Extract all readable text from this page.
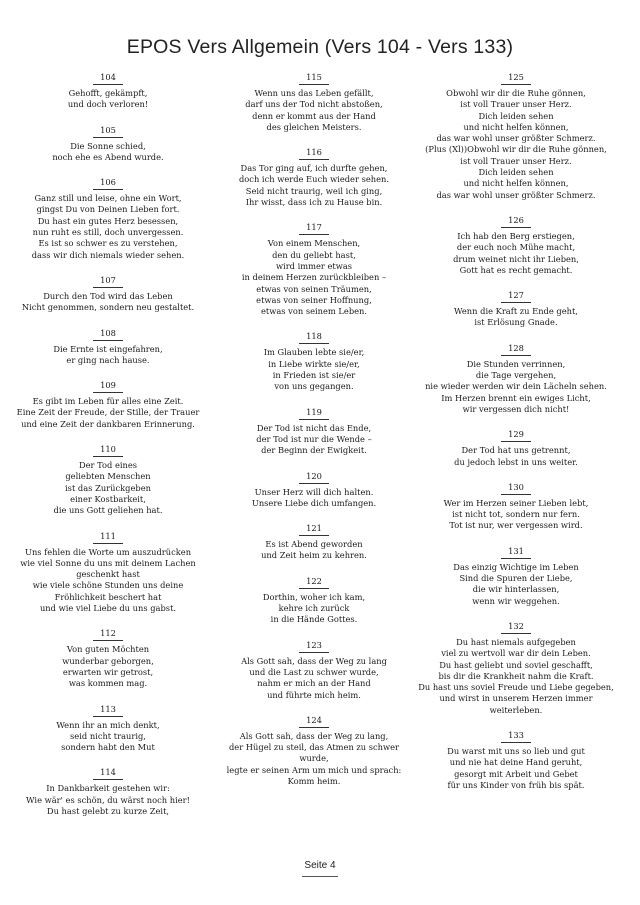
EPOS Vers Allgemein (Vers 104 - Vers 133)
104
Gehofft, gekämpft,
und doch verloren!
105
Die Sonne schied,
noch ehe es Abend wurde.
106
Ganz still und leise, ohne ein Wort,
gingst Du von Deinen Lieben fort.
Du hast ein gutes Herz besessen,
nun ruht es still, doch unvergessen.
Es ist so schwer es zu verstehen,
dass wir dich niemals wieder sehen.
107
Durch den Tod wird das Leben
Nicht genommen, sondern neu gestaltet.
108
Die Ernte ist eingefahren,
er ging nach hause.
109
Es gibt im Leben für alles eine Zeit.
Eine Zeit der Freude, der Stille, der Trauer
und eine Zeit der dankbaren Erinnerung.
110
Der Tod eines
geliebten Menschen
ist das Zurückgeben
einer Kostbarkeit,
die uns Gott geliehen hat.
111
Uns fehlen die Worte um auszudrücken
wie viel Sonne du uns mit deinem Lachen
geschenkt hast
wie viele schöne Stunden uns deine
Fröhlichkeit beschert hat
und wie viel Liebe du uns gabst.
112
Von guten Möchten
wunderbar geborgen,
erwarten wir getrost,
was kommen mag.
113
Wenn ihr an mich denkt,
seid nicht traurig,
sondern habt den Mut
114
In Dankbarkeit gestehen wir:
Wie wär' es schön, du wärst noch hier!
Du hast gelebt zu kurze Zeit,
115
Wenn uns das Leben gefällt,
darf uns der Tod nicht abstoßen,
denn er kommt aus der Hand
des gleichen Meisters.
116
Das Tor ging auf, ich durfte gehen,
doch ich werde Euch wieder sehen.
Seid nicht traurig, weil ich ging,
Ihr wisst, dass ich zu Hause bin.
117
Von einem Menschen,
den du geliebt hast,
wird immer etwas
in deinem Herzen zurückbleiben –
etwas von seinen Träumen,
etwas von seiner Hoffnung,
etwas von seinem Leben.
118
Im Glauben lebte sie/er,
in Liebe wirkte sie/er,
in Frieden ist sie/er
von uns gegangen.
119
Der Tod ist nicht das Ende,
der Tod ist nur die Wende –
der Beginn der Ewigkeit.
120
Unser Herz will dich halten.
Unsere Liebe dich umfangen.
121
Es ist Abend geworden
und Zeit heim zu kehren.
122
Dorthin, woher ich kam,
kehre ich zurück
in die Hände Gottes.
123
Als Gott sah, dass der Weg zu lang
und die Last zu schwer wurde,
nahm er mich an der Hand
und führte mich heim.
124
Als Gott sah, dass der Weg zu lang,
der Hügel zu steil, das Atmen zu schwer
wurde,
legte er seinen Arm um mich und sprach:
Komm heim.
125
Obwohl wir dir die Ruhe gönnen,
ist voll Trauer unser Herz.
Dich leiden sehen
und nicht helfen können,
das war wohl unser größter Schmerz.
(Plus (Xl))Obwohl wir dir die Ruhe gönnen,
ist voll Trauer unser Herz.
Dich leiden sehen
und nicht helfen können,
das war wohl unser größter Schmerz.
126
Ich hab den Berg erstiegen,
der euch noch Mühe macht,
drum weinet nicht ihr Lieben,
Gott hat es recht gemacht.
127
Wenn die Kraft zu Ende geht,
ist Erlösung Gnade.
128
Die Stunden verrinnen,
die Tage vergehen,
nie wieder werden wir dein Lächeln sehen.
Im Herzen brennt ein ewiges Licht,
wir vergessen dich nicht!
129
Der Tod hat uns getrennt,
du jedoch lebst in uns weiter.
130
Wer im Herzen seiner Lieben lebt,
ist nicht tot, sondern nur fern.
Tot ist nur, wer vergessen wird.
131
Das einzig Wichtige im Leben
Sind die Spuren der Liebe,
die wir hinterlassen,
wenn wir weggehen.
132
Du hast niemals aufgegeben
viel zu wertvoll war dir dein Leben.
Du hast geliebt und soviel geschafft,
bis dir die Krankheit nahm die Kraft.
Du hast uns soviel Freude und Liebe gegeben,
und wirst in unserem Herzen immer
weiterleben.
133
Du warst mit uns so lieb und gut
und nie hat deine Hand geruht,
gesorgt mit Arbeit und Gebet
für uns Kinder von früh bis spät.
Seite 4
